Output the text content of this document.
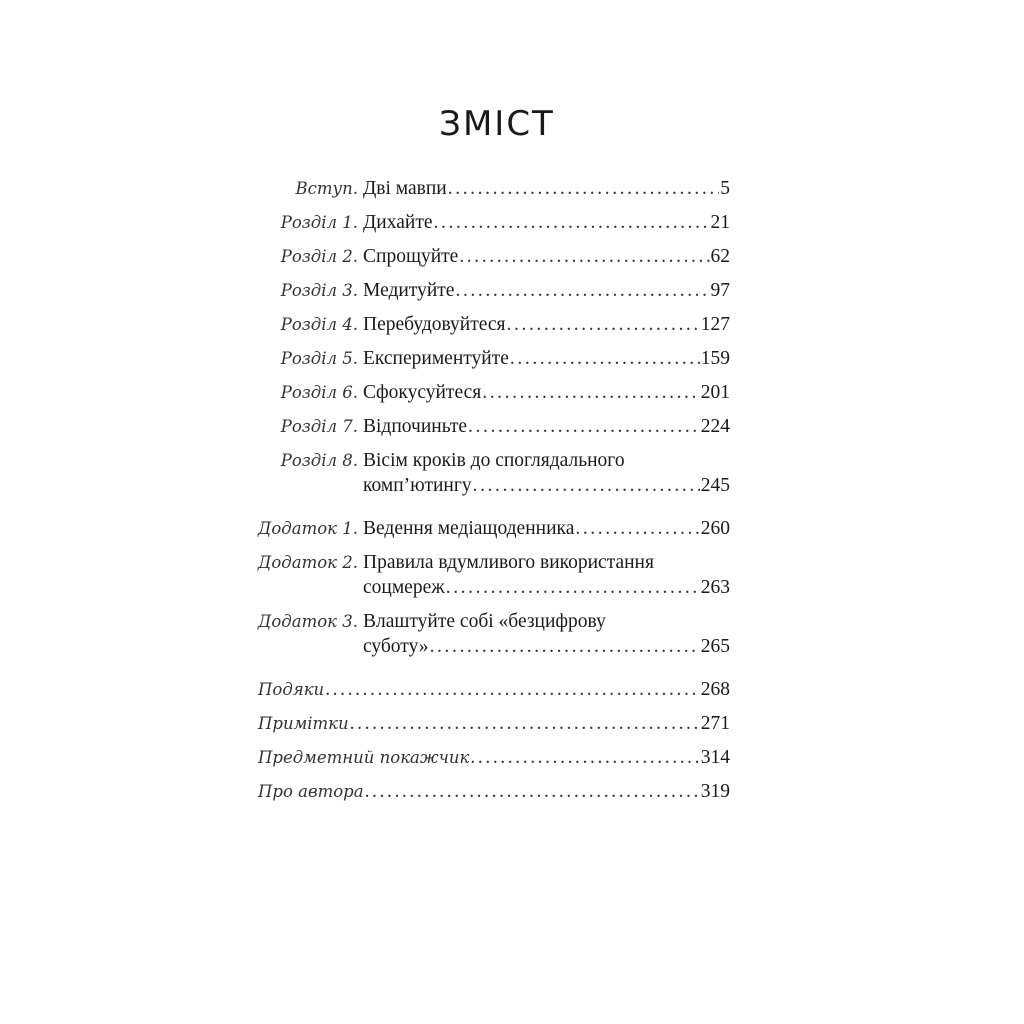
ЗМІСТ
Вступ. Дві мавпи .....	5
Розділ 1. Дихайте .....	21
Розділ 2. Спрощуйте .....	62
Розділ 3. Медитуйте .....	97
Розділ 4. Перебудовуйтеся .....	127
Розділ 5. Експериментуйте .....	159
Розділ 6. Сфокусуйтеся .....	201
Розділ 7. Відпочиньте .....	224
Розділ 8. Вісім кроків до споглядального
комп’ютингу .....	245
Додаток 1. Ведення медіащоденника .....	260
Додаток 2. Правила вдумливого використання
соцмереж .....	263
Додаток 3. Влаштуйте собі «безцифрову
суботу» .....	265
Подяки .....	268
Примітки .....	271
Предметний покажчик .....	314
Про автора .....	319
